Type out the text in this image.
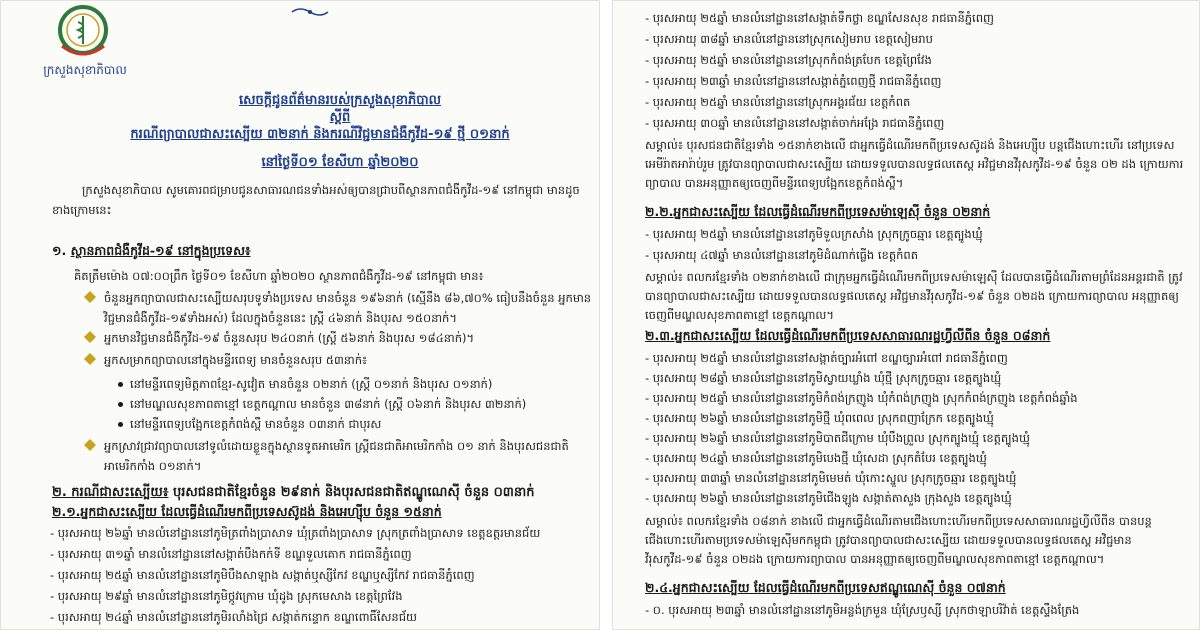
ក្រសួងសុខាភិបាល
សេចក្តីជូនព័ត៌មានរបស់ក្រសួងសុខាភិបាល
ស្តីពី
ករណីព្យាបាលជាសះស្បើយ ៣២នាក់ និងករណីវិជ្ជមានជំងឺកូវីដ-១៩ ថ្មី ០១នាក់
នៅថ្ងៃទី០១ ខែសីហា ឆ្នាំ២០២០
ក្រសួងសុខាភិបាល សូមគោរពជម្រាបជូនសាធារណជនទាំងអស់ឲ្យបានជ្រាបពីស្ថានភាពជំងឺកូវីដ-១៩ នៅកម្ពុជា មានដូចខាងក្រោមនេះ
១. ស្ថានភាពជំងឺកូវីដ-១៩ នៅក្នុងប្រទេស៖
គិតត្រឹមម៉ោង ០៧:០០ព្រឹក ថ្ងៃទី០១ ខែសីហា ឆ្នាំ២០២០ ស្ថានភាពជំងឺកូវីដ-១៩ នៅកម្ពុជា មាន៖
ចំនួនអ្នកព្យាបាលជាសះស្បើយសរុបទូទាំងប្រទេស មានចំនួន ១៩៦នាក់ (ស្មើនឹង ៨៦,៧០% ធៀបនឹងចំនួន អ្នកមានវិជ្ជមានជំងឺកូវីដ-១៩ទាំងអស់) ដែលក្នុងចំនួននេះ ស្ត្រី ៤៦នាក់ និងបុរស ១៥០នាក់។
អ្នកមានវិជ្ជមានជំងឺកូវីដ-១៩ ចំនួនសរុប ២៤០នាក់ (ស្ត្រី ៥៦នាក់ និងបុរស ១៨៤នាក់)។
អ្នកសម្រាកព្យាបាលនៅក្នុងមន្ទីរពេទ្យ មានចំនួនសរុប ៥៣នាក់៖
នៅមន្ទីរពេទ្យមិត្តភាពខ្មែរ-សូវៀត មានចំនួន ០២នាក់ (ស្ត្រី ០១នាក់ និងបុរស ០១នាក់)
នៅមណ្ឌលសុខភាពតាខ្មៅ ខេត្តកណ្តាល មានចំនួន ៣៨នាក់ (ស្ត្រី ០៦នាក់ និងបុរស ៣២នាក់)
នៅមន្ទីរពេទ្យបង្អែកខេត្តកំពង់ស្ពឺ មានចំនួន ០៣នាក់ ជាបុរស
អ្នកស្រាវជ្រាវព្យាបាលនៅទូលំដោយខ្លួនក្នុងស្ថានទូតអាមេរិក ស្ត្រីជនជាតិអាមេរិកកាំង ០១ នាក់ និងបុរសជនជាតិអាមេរិកកាំង ០១នាក់។
២. ករណីជាសះស្បើយ៖ បុរសជនជាតិខ្មែរចំនួន ២៩នាក់ និងបុរសជនជាតិឥណ្ឌូណេស៊ី ចំនួន ០៣នាក់
២.១.អ្នកជាសះស្បើយ ដែលធ្វើដំណើរមកពីប្រទេសស៊ូដង់ និងអេហ្ស៊ីប ចំនួន ១៥នាក់
- បុរសអាយុ ២៦ឆ្នាំ មានលំនៅដ្ឋាននៅភូមិត្រពាំងប្រាសាទ ឃុំត្រពាំងប្រាសាទ ស្រុកត្រពាំងប្រាសាទ ខេត្តឧត្តរមានជ័យ
- បុរសអាយុ ៣១ឆ្នាំ មានលំនៅដ្ឋាននៅសង្កាត់បឹងកក់ទី ខណ្ឌទួលគោក រាជធានីភ្នំពេញ
- បុរសអាយុ ២៥ឆ្នាំ មានលំនៅដ្ឋាននៅភូមិបឹងសាឡាង សង្កាត់ឬស្សីកែវ ខណ្ឌឬស្សីកែវ រាជធានីភ្នំពេញ
- បុរសអាយុ ២៩ឆ្នាំ មានលំនៅដ្ឋាននៅភូមិថ្កូវក្រោម ឃុំដូង ស្រុកមេសាង ខេត្តព្រៃវែង
- បុរសអាយុ ២៤ឆ្នាំ មានលំនៅដ្ឋាននៅភូមិរលាំងជ្រៃ សង្កាត់កន្ទោក ខណ្ឌពោធិ៍សែនជ័យ
- បុរសអាយុ ២៥ឆ្នាំ មានលំនៅដ្ឋាននៅសង្កាត់ទឹកថ្លា ខណ្ឌសែនសុខ រាជធានីភ្នំពេញ
- បុរសអាយុ ៣៨ឆ្នាំ មានលំនៅដ្ឋាននៅស្រុកសៀមរាប ខេត្តសៀមរាប
- បុរសអាយុ ២៥ឆ្នាំ មានលំនៅដ្ឋាននៅស្រុកកំពង់ត្របែក ខេត្តព្រៃវែង
- បុរសអាយុ ២៣ឆ្នាំ មានលំនៅដ្ឋាននៅសង្កាត់ភ្នំពេញថ្មី រាជធានីភ្នំពេញ
- បុរសអាយុ ២៥ឆ្នាំ មានលំនៅដ្ឋាននៅស្រុកអង្គរជ័យ ខេត្តកំពត
- បុរសអាយុ ៣០ឆ្នាំ មានលំនៅដ្ឋាននៅសង្កាត់ចាក់អង្រែ រាជធានីភ្នំពេញ
សម្គាល់៖ បុរសជនជាតិខ្មែរទាំង ១៥នាក់ខាងលើ ជាអ្នកធ្វើដំណើរមកពីប្រទេសស៊ូដង់ និងអេហ្ស៊ីប បន្តជើងហោះហើរ នៅប្រទេសអេមីរ៉ាតអារ៉ាប់រួម ត្រូវបានព្យាបាលជាសះស្បើយ ដោយទទួលបានលទ្ធផលតេស្ត អវិជ្ជមានវីរុសកូវីដ-១៩ ចំនួន ០២ ដង ក្រោយការព្យាបាល បានអនុញ្ញាតឲ្យចេញពីមន្ទីរពេទ្យបង្អែកខេត្តកំពង់ស្ពឺ។
២.២.អ្នកជាសះស្បើយ ដែលធ្វើដំណើរមកពីប្រទេសម៉ាឡេស៊ី ចំនួន ០២នាក់
- បុរសអាយុ ២៥ឆ្នាំ មានលំនៅដ្ឋាននៅភូមិទួលក្រសាំង ស្រុកក្រូចឆ្មារ ខេត្តត្បូងឃ្មុំ
- បុរសអាយុ ៤៧ឆ្នាំ មានលំនៅដ្ឋាននៅភូមិដំណាក់ធ្លើង ខេត្តកំពត
សម្គាល់៖ ពលករខ្មែរទាំង ០២នាក់ខាងលើ ជាក្រុមអ្នកធ្វើដំណើរមកពីប្រទេសម៉ាឡេស៊ី ដែលបានធ្វើដំណើរតាមព្រំដែនអន្តរជាតិ ត្រូវបានព្យាបាលជាសះស្បើយ ដោយទទួលបានលទ្ធផលតេស្ត អវិជ្ជមានវីរុសកូវីដ-១៩ ចំនួន ០២ដង ក្រោយការព្យាបាល អនុញ្ញាតឲ្យចេញពីមណ្ឌលសុខភាពតាខ្មៅ ខេត្តកណ្តាល។
២.៣.អ្នកជាសះស្បើយ ដែលធ្វើដំណើរមកពីប្រទេសសាធារណរដ្ឋហ្វីលីពីន ចំនួន ០៨នាក់
- បុរសអាយុ ២៥ឆ្នាំ មានលំនៅដ្ឋាននៅសង្កាត់ច្បារអំពៅ ខណ្ឌច្បារអំពៅ រាជធានីភ្នំពេញ
- បុរសអាយុ ២៨ឆ្នាំ មានលំនៅដ្ឋាននៅភូមិស្វាយឃ្លាំង ឃុំថ្មី ស្រុកក្រូចឆ្មារ ខេត្តត្បូងឃ្មុំ
- បុរសអាយុ ២៥ឆ្នាំ មានលំនៅដ្ឋាននៅភូមិកំពង់ក្រញូង ឃុំកំពង់ក្រញូង ស្រុកកំពង់ក្រញូង ខេត្តកំពង់ឆ្នាំង
- បុរសអាយុ ២៦ឆ្នាំ មានលំនៅដ្ឋាននៅភូមិថ្មី ឃុំពពេល ស្រុកពញាក្រែក ខេត្តត្បូងឃ្មុំ
- បុរសអាយុ ២៦ឆ្នាំ មានលំនៅដ្ឋាននៅភូមិបាតជីក្រោម ឃុំបឹងព្រួល ស្រុកត្បូងឃ្មុំ ខេត្តត្បូងឃ្មុំ
- បុរសអាយុ ២៤ឆ្នាំ មានលំនៅដ្ឋាននៅភូមិបេងថ្មី ឃុំសេដា ស្រុកតំបែរ ខេត្តត្បូងឃ្មុំ
- បុរសអាយុ ៣៣ឆ្នាំ មានលំនៅដ្ឋាននៅភូមិមេមត់ ឃុំកោះស្នួល ស្រុកក្រូចឆ្មារ ខេត្តត្បូងឃ្មុំ
- បុរសអាយុ ២៦ឆ្នាំ មានលំនៅដ្ឋាននៅភូមិជើងឡូង សង្កាត់តាសួង ក្រុងសួង ខេត្តត្បូងឃ្មុំ
សម្គាល់៖ ពលករខ្មែរទាំង ០៨នាក់ ខាងលើ ជាអ្នកធ្វើដំណើរតាមជើងហោះហើរមកពីប្រទេសសាធារណរដ្ឋហ្វីលីពីន បានបន្ត ជើងហោះហើរតាមប្រទេសម៉ាឡេស៊ីមកកម្ពុជា ត្រូវបានព្យាបាលជាសះស្បើយ ដោយទទួលបានលទ្ធផលតេស្ត អវិជ្ជមាន វីរុសកូវីដ-១៩ ចំនួន ០២ដង ក្រោយការព្យាបាល បានអនុញ្ញាតឲ្យចេញពីមណ្ឌលសុខភាពតាខ្មៅ ខេត្តកណ្តាល។
២.៤.អ្នកជាសះស្បើយ ដែលធ្វើដំណើរមកពីប្រទេសឥណ្ឌូណេស៊ី ចំនួន ០៧នាក់
- ០. បុរសអាយុ ២៣ឆ្នាំ មានលំនៅដ្ឋាននៅភូមិអន្លង់ក្រមួន ឃុំស្រែឫស្សី ស្រុកថាឡាបរិវ៉ាត់ ខេត្តស្ទឹងត្រែង
